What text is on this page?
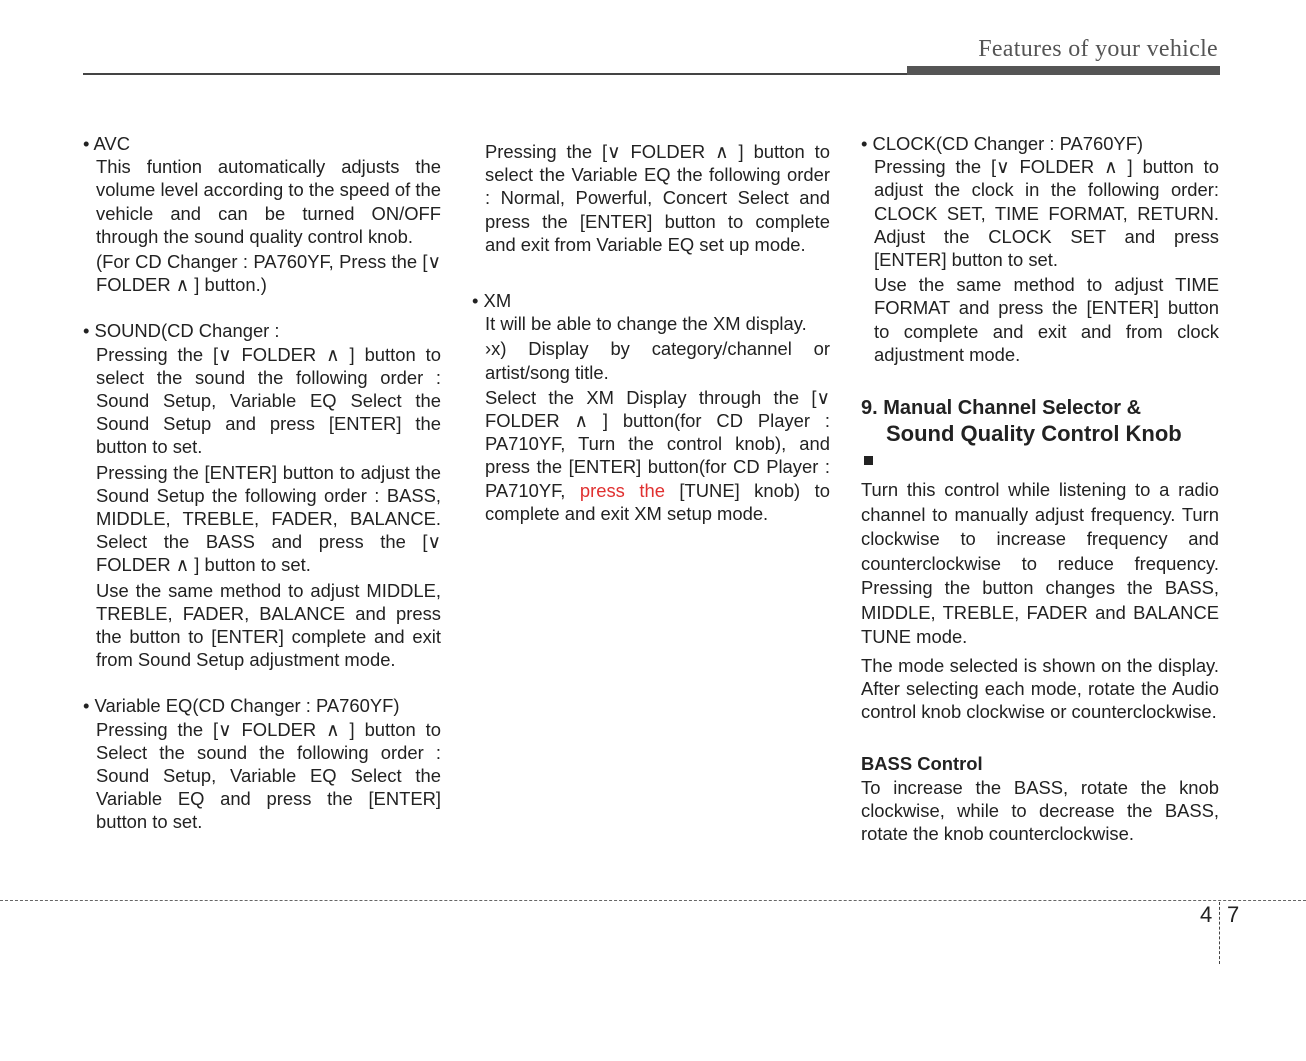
Features of your vehicle

• AVC

This funtion automatically adjusts the volume level according to the speed of the vehicle and can be turned ON/OFF through the sound quality control knob.

(For CD Changer : PA760YF, Press the [∨ FOLDER ∧ ] button.)

• SOUND(CD Changer :

Pressing the [∨ FOLDER ∧ ] button to select the sound the following order : Sound Setup, Variable EQ Select the Sound Setup and press [ENTER] the button to set.

Pressing the [ENTER] button to adjust the Sound Setup the following order : BASS, MIDDLE, TREBLE, FADER, BALANCE. Select the BASS and press the [∨ FOLDER ∧ ] button to set.

Use the same method to adjust MIDDLE, TREBLE, FADER, BALANCE and press the button to [ENTER] complete and exit from Sound Setup adjustment mode.

• Variable EQ(CD Changer : PA760YF)

Pressing the [∨ FOLDER ∧ ] button to Select the sound the following order : Sound Setup, Variable EQ Select the Variable EQ and press the [ENTER] button to set.

Pressing the [∨ FOLDER ∧ ] button to select the Variable EQ the following order : Normal, Powerful, Concert Select and press the [ENTER] button to complete and exit from Variable EQ set up mode.

• XM

It will be able to change the XM display.

›x) Display by category/channel or artist/song title.

Select the XM Display through the [∨ FOLDER ∧ ] button(for CD Player : PA710YF, Turn the control knob), and press the [ENTER] button(for CD Player : PA710YF, press the [TUNE] knob) to complete and exit XM setup mode.

• CLOCK(CD Changer : PA760YF)

Pressing the [∨ FOLDER ∧ ] button to adjust the clock in the following order: CLOCK SET, TIME FORMAT, RETURN. Adjust the CLOCK SET and press [ENTER] button to set.

Use the same method to adjust TIME FORMAT and press the [ENTER] button to complete and exit and from clock adjustment mode.

9. Manual Channel Selector &

Sound Quality Control Knob

Turn this control while listening to a radio channel to manually adjust frequency. Turn clockwise to increase frequency and counterclockwise to reduce frequency. Pressing the button changes the BASS, MIDDLE, TREBLE, FADER and BALANCE TUNE mode.

The mode selected is shown on the display. After selecting each mode, rotate the Audio control knob clockwise or counterclockwise.

BASS Control

To increase the BASS, rotate the knob clockwise, while to decrease the BASS, rotate the knob counterclockwise.

4 7
